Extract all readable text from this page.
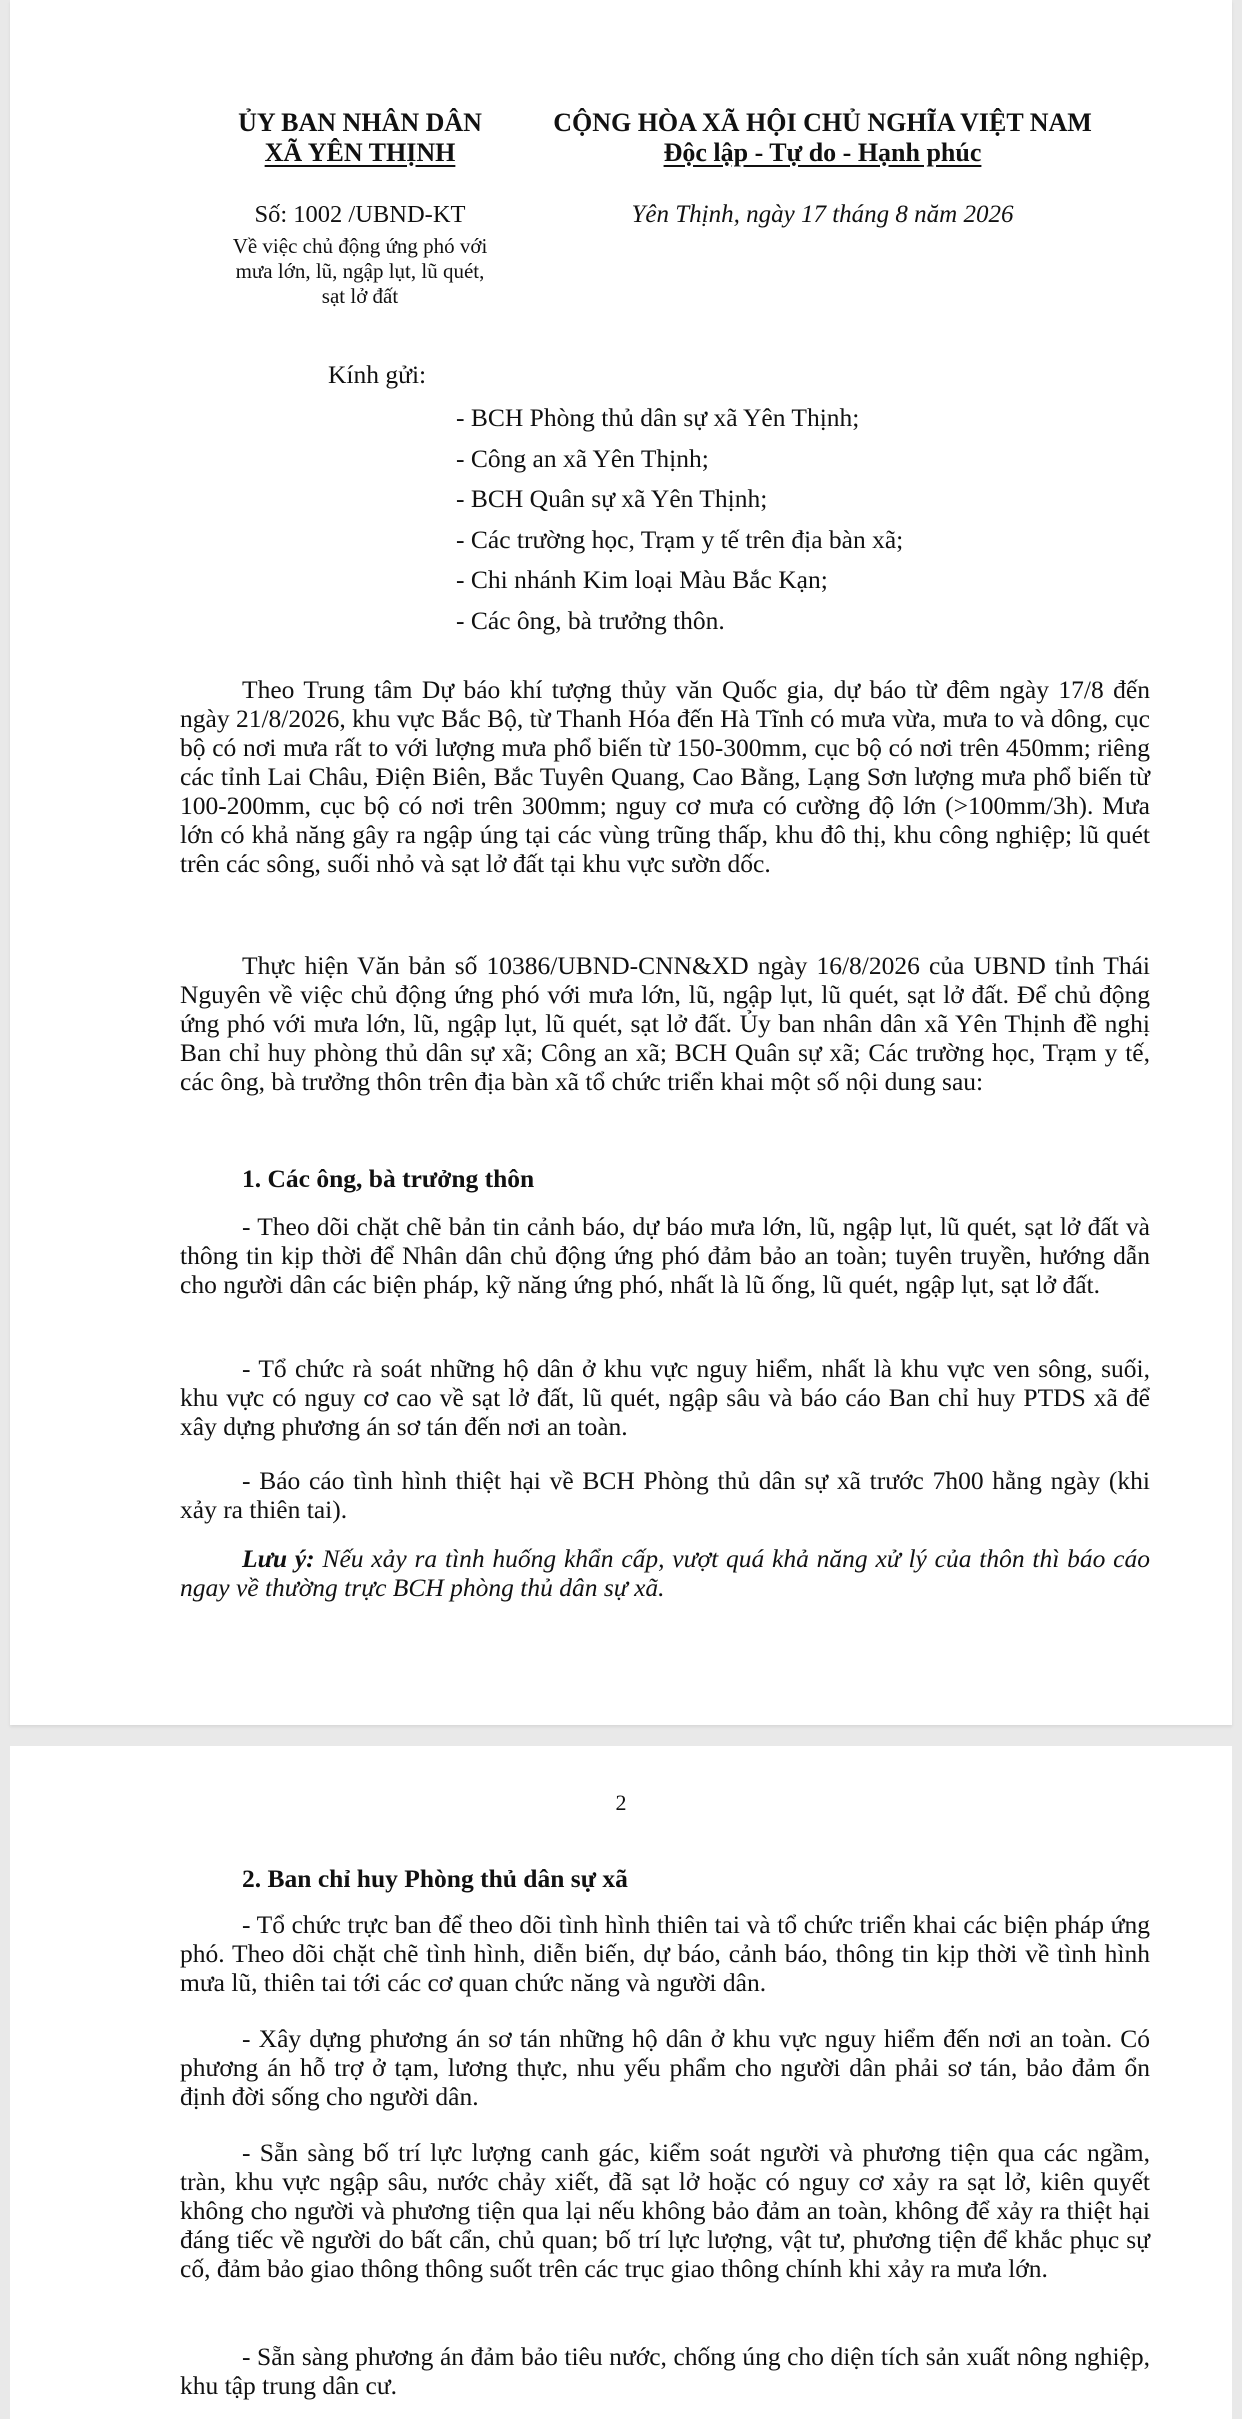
ỦY BAN NHÂN DÂN
XÃ YÊN THỊNH
CỘNG HÒA XÃ HỘI CHỦ NGHĨA VIỆT NAM
Độc lập - Tự do - Hạnh phúc
Số: 1002 /UBND-KT	Yên Thịnh, ngày 17 tháng 8 năm 2026
Về việc chủ động ứng phó với
mưa lớn, lũ, ngập lụt, lũ quét,
sạt lở đất
Kính gửi:
- BCH Phòng thủ dân sự xã Yên Thịnh;
- Công an xã Yên Thịnh;
- BCH Quân sự xã Yên Thịnh;
- Các trường học, Trạm y tế trên địa bàn xã;
- Chi nhánh Kim loại Màu Bắc Kạn;
- Các ông, bà trưởng thôn.

Theo Trung tâm Dự báo khí tượng thủy văn Quốc gia, dự báo từ đêm ngày 17/8 đến ngày 21/8/2026, khu vực Bắc Bộ, từ Thanh Hóa đến Hà Tĩnh có mưa vừa, mưa to và dông, cục bộ có nơi mưa rất to với lượng mưa phổ biến từ 150-300mm, cục bộ có nơi trên 450mm; riêng các tỉnh Lai Châu, Điện Biên, Bắc Tuyên Quang, Cao Bằng, Lạng Sơn lượng mưa phổ biến từ 100-200mm, cục bộ có nơi trên 300mm; nguy cơ mưa có cường độ lớn (>100mm/3h). Mưa lớn có khả năng gây ra ngập úng tại các vùng trũng thấp, khu đô thị, khu công nghiệp; lũ quét trên các sông, suối nhỏ và sạt lở đất tại khu vực sườn dốc.

Thực hiện Văn bản số 10386/UBND-CNN&XD ngày 16/8/2026 của UBND tỉnh Thái Nguyên về việc chủ động ứng phó với mưa lớn, lũ, ngập lụt, lũ quét, sạt lở đất. Để chủ động ứng phó với mưa lớn, lũ, ngập lụt, lũ quét, sạt lở đất. Ủy ban nhân dân xã Yên Thịnh đề nghị Ban chỉ huy phòng thủ dân sự xã; Công an xã; BCH Quân sự xã; Các trường học, Trạm y tế, các ông, bà trưởng thôn trên địa bàn xã tổ chức triển khai một số nội dung sau:

1. Các ông, bà trưởng thôn

- Theo dõi chặt chẽ bản tin cảnh báo, dự báo mưa lớn, lũ, ngập lụt, lũ quét, sạt lở đất và thông tin kịp thời để Nhân dân chủ động ứng phó đảm bảo an toàn; tuyên truyền, hướng dẫn cho người dân các biện pháp, kỹ năng ứng phó, nhất là lũ ống, lũ quét, ngập lụt, sạt lở đất.

- Tổ chức rà soát những hộ dân ở khu vực nguy hiểm, nhất là khu vực ven sông, suối, khu vực có nguy cơ cao về sạt lở đất, lũ quét, ngập sâu và báo cáo Ban chỉ huy PTDS xã để xây dựng phương án sơ tán đến nơi an toàn.

- Báo cáo tình hình thiệt hại về BCH Phòng thủ dân sự xã trước 7h00 hằng ngày (khi xảy ra thiên tai).

Lưu ý: Nếu xảy ra tình huống khẩn cấp, vượt quá khả năng xử lý của thôn thì báo cáo ngay về thường trực BCH phòng thủ dân sự xã.

2
2. Ban chỉ huy Phòng thủ dân sự xã

- Tổ chức trực ban để theo dõi tình hình thiên tai và tổ chức triển khai các biện pháp ứng phó. Theo dõi chặt chẽ tình hình, diễn biến, dự báo, cảnh báo, thông tin kịp thời về tình hình mưa lũ, thiên tai tới các cơ quan chức năng và người dân.

- Xây dựng phương án sơ tán những hộ dân ở khu vực nguy hiểm đến nơi an toàn. Có phương án hỗ trợ ở tạm, lương thực, nhu yếu phẩm cho người dân phải sơ tán, bảo đảm ổn định đời sống cho người dân.

- Sẵn sàng bố trí lực lượng canh gác, kiểm soát người và phương tiện qua các ngầm, tràn, khu vực ngập sâu, nước chảy xiết, đã sạt lở hoặc có nguy cơ xảy ra sạt lở, kiên quyết không cho người và phương tiện qua lại nếu không bảo đảm an toàn, không để xảy ra thiệt hại đáng tiếc về người do bất cẩn, chủ quan; bố trí lực lượng, vật tư, phương tiện để khắc phục sự cố, đảm bảo giao thông thông suốt trên các trục giao thông chính khi xảy ra mưa lớn.

- Sẵn sàng phương án đảm bảo tiêu nước, chống úng cho diện tích sản xuất nông nghiệp, khu tập trung dân cư.
